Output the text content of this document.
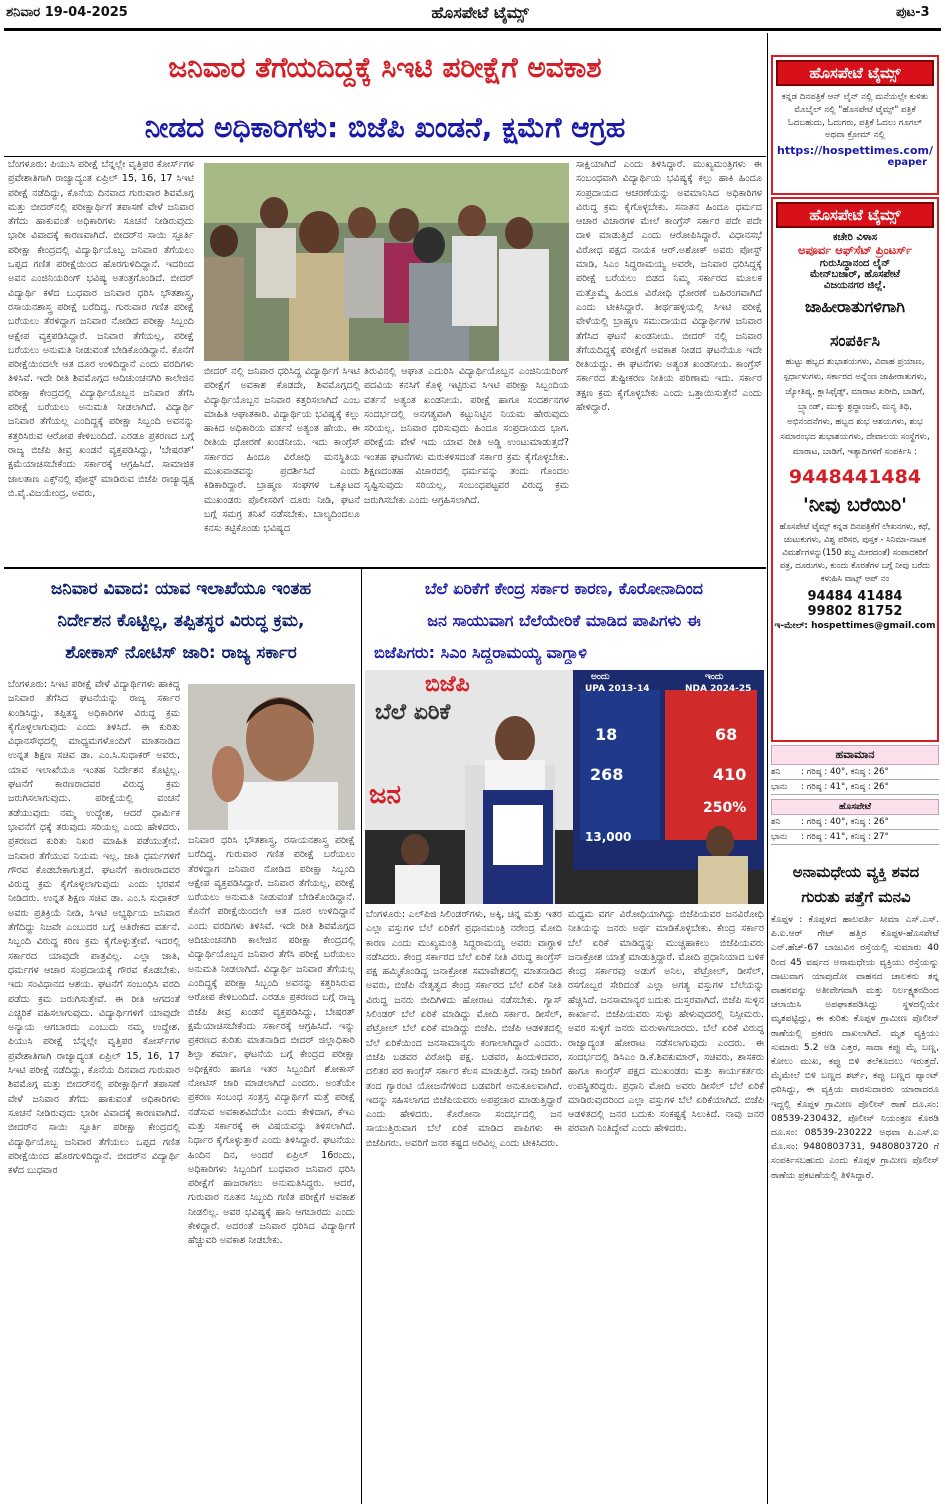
ಶನಿವಾರ 19-04-2025	ಹೊಸಪೇಟೆ ಟೈಮ್ಸ್	ಪುಟ-3
ಜನಿವಾರ ತೆಗೆಯದಿದ್ದಕ್ಕೆ ಸಿಇಟಿ ಪರೀಕ್ಷೆಗೆ ಅವಕಾಶ
ನೀಡದ ಅಧಿಕಾರಿಗಳು: ಬಿಜೆಪಿ ಖಂಡನೆ, ಕ್ಷಮೆಗೆ ಆಗ್ರಹ
ಬೆಂಗಳೂರು: ಪಿಯುಸಿ ಪರೀಕ್ಷೆ ಬೆನ್ನಲ್ಲೇ ವೃತ್ತಿಪರ ಕೋರ್ಸ್‌ಗಳ ಪ್ರವೇಶಾತಿಗಾಗಿ ರಾಜ್ಯಾದ್ಯಂತ ಏಪ್ರಿಲ್ 15, 16, 17 ಸಿಇಟಿ ಪರೀಕ್ಷೆ ನಡೆದಿದ್ದು, ಕೊನೆಯ ದಿನವಾದ ಗುರುವಾರ ಶಿವಮೊಗ್ಗ ಮತ್ತು ಬೀದರ್‌ನಲ್ಲಿ ಪರೀಕ್ಷಾರ್ಥಿಗೆ ತಪಾಸಣೆ ವೇಳೆ ಜನಿವಾರ ತೆಗೆದು ಹಾಕುವಂತೆ ಅಧಿಕಾರಿಗಳು ಸೂಚನೆ ನೀಡಿರುವುದು ಭಾರೀ ವಿವಾದಕ್ಕೆ ಕಾರಣವಾಗಿದೆ. ಬೀದರ್‌ನ ಸಾಯಿ ಸ್ಪೂರ್ತಿ ಪರೀಕ್ಷಾ ಕೇಂದ್ರದಲ್ಲಿ ವಿದ್ಯಾರ್ಥಿಯೊಬ್ಬ ಜನಿವಾರ ತೆಗೆಯಲು ಒಪ್ಪದ ಗಣಿತ ಪರೀಕ್ಷೆಯಿಂದ ಹೊರಗುಳಿದಿದ್ದಾನೆ. ಇದರಿಂದ ಅವನ ಎಂಜಿನಿಯರಿಂಗ್ ಭವಿಷ್ಯ ಅತಂತ್ರಗೊಂಡಿದೆ. ಬೀದರ್ ವಿದ್ಯಾರ್ಥಿ ಕಳೆದ ಬುಧವಾರ ಜನಿವಾರ ಧರಿಸಿ ಭೌತಶಾಸ್ತ್ರ, ರಸಾಯನಶಾಸ್ತ್ರ ಪರೀಕ್ಷೆ ಬರೆದಿದ್ದ. ಗುರುವಾರ ಗಣಿತ ಪರೀಕ್ಷೆ ಬರೆಯಲು ತೆರಳಿದ್ದಾಗ ಜನಿವಾರ ನೋಡಿದ ಪರೀಕ್ಷಾ ಸಿಬ್ಬಂದಿ ಆಕ್ಷೇಪ ವ್ಯಕ್ತಪಡಿಸಿದ್ದಾರೆ. ಜನಿವಾರ ತೆಗೆಯಲ್ಲ, ಪರೀಕ್ಷೆ ಬರೆಯಲು ಅನುಮತಿ ನೀಡುವಂತೆ ಬೇಡಿಕೊಂಡಿದ್ದಾನೆ. ಕೊನೆಗೆ ಪರೀಕ್ಷೆಯಿಂದಲೇ ಆತ ದೂರ ಉಳಿದಿದ್ದಾನೆ ಎಂದು ವರದಿಗಳು ತಿಳಿಸಿವೆ. ಇದೇ ರೀತಿ ಶಿವಮೊಗ್ಗದ ಆದಿಚುಂಚನಗಿರಿ ಕಾಲೇಜಿನ ಪರೀಕ್ಷಾ ಕೇಂದ್ರದಲ್ಲಿ ವಿದ್ಯಾರ್ಥಿಯೊಬ್ಬನ ಜನಿವಾರ ತೆಗೆಸಿ ಪರೀಕ್ಷೆ ಬರೆಯಲು ಅನುಮತಿ ನೀಡಲಾಗಿದೆ. ವಿದ್ಯಾರ್ಥಿ ಜನಿವಾರ ತೆಗೆಯಲ್ಲ ಎಂದಿದ್ದಕ್ಕೆ ಪರೀಕ್ಷಾ ಸಿಬ್ಬಂದಿ ಅವನನ್ನು ಕತ್ತರಿಸಿರುವ ಆರೋಪ ಕೇಳಿಬಂದಿದೆ. ಎರಡೂ ಪ್ರಕರಣದ ಬಗ್ಗೆ ರಾಜ್ಯ ಬಿಜೆಪಿ ತೀವ್ರ ಖಂಡನೆ ವ್ಯಕ್ತಪಡಿಸಿದ್ದು, 'ಬೇಷರತ್' ಕ್ಷಮೆಯಾಚಿಸಬೇಕೆಂದು ಸರ್ಕಾರಕ್ಕೆ ಆಗ್ರಹಿಸಿದೆ. ಸಾಮಾಜಿಕ ಜಾಲತಾಣ ಎಕ್ಸ್‌ನಲ್ಲಿ ಪೋಸ್ಟ್ ಮಾಡಿರುವ ಬಿಜೆಪಿ ರಾಜ್ಯಾಧ್ಯಕ್ಷ ಬಿ.ವೈ.ವಿಜಯೇಂದ್ರ, ಅವರು,
ಬೀದರ್ ನಲ್ಲಿ ಜನಿವಾರ ಧರಿಸಿದ್ದ ವಿದ್ಯಾರ್ಥಿಗೆ ಸಿಇಟಿ ಪರೀಕ್ಷೆಗೆ ಅವಕಾಶ ಕೊಡದೇ, ಶಿವಮೊಗ್ಗದಲ್ಲಿ ವಿದ್ಯಾರ್ಥಿಯೊಬ್ಬನ ಜನಿವಾರ ಕತ್ತರಿಸಲಾಗಿದೆ ಎಂಬ ಮಾಹಿತಿ ಆಘಾತಕಾರಿ. ವಿದ್ಯಾರ್ಥಿಯ ಭವಿಷ್ಯಕ್ಕೆ ಕಲ್ಲು ಹಾಕಿದ ಅಧಿಕಾರಿಯ ವರ್ತನೆ ಅತ್ಯಂತ ಹೇಯ. ಈ ರೀತಿಯ ಧೋರಣೆ ಖಂಡನೀಯ. ಇದು ಕಾಂಗ್ರೆಸ್ ಸರ್ಕಾರದ ಹಿಂದೂ ವಿರೋಧಿ ಮನಸ್ಥಿತಿಯ ಮುಖವಾಡವನ್ನು ಪ್ರದರ್ಶಿಸಿದೆ ಎಂದು ಕಿಡಿಕಾರಿದ್ದಾರೆ. ಬ್ರಾಹ್ಮಣ ಸಂಘಗಳ ಒಕ್ಕೂಟದ ಮುಖಂಡರು ಪೊಲೀಸರಿಗೆ ದೂರು ನೀಡಿ, ಘಟನೆ ಬಗ್ಗೆ ಸಮಗ್ರ ತನಿಖೆ ನಡೆಸಬೇಕು. ಬಾಲ್ಯದಿಂದಲೂ ಕನಸು ಕಟ್ಟಿಕೊಂಡು ಭವಿಷ್ಯದ
ತಿರುವಿನಲ್ಲಿ ಆಘಾತ ಎದುರಿಸಿ ವಿದ್ಯಾರ್ಥಿಯೊಬ್ಬನ ಎಂಜಿನಿಯರಿಂಗ್ ಪದವಿಯ ಕನಸಿಗೆ ಕೊಳ್ಳಿ ಇಟ್ಟಿರುವ ಸಿಇಟಿ ಪರೀಕ್ಷಾ ಸಿಬ್ಬಂದಿಯ ವರ್ತನೆ ಅತ್ಯಂತ ಖಂಡನೀಯ. ಪರೀಕ್ಷೆ ಹಾಗೂ ಸಂದರ್ಶನಗಳ ಸಂದರ್ಭದಲ್ಲಿ ಅನಗತ್ಯವಾಗಿ ಕಟ್ಟುನಿಟ್ಟಿನ ನಿಯಮ ಹೇರುವುದು ಸರಿಯಲ್ಲ. ಜನಿವಾರ ಧರಿಸುವುದು ಹಿಂದೂ ಸಂಪ್ರದಾಯದ ಭಾಗ. ಪರೀಕ್ಷೆಯ ವೇಳೆ ಇದು ಯಾವ ರೀತಿ ಅಡ್ಡಿ ಉಂಟುಮಾಡುತ್ತದೆ? ಇಂತಹ ಘಟನೆಗಳು ಮರುಕಳಿಸದಂತೆ ಸರ್ಕಾರ ಕ್ರಮ ಕೈಗೊಳ್ಳಬೇಕು. ಶಿಕ್ಷಣದಂತಹ ವಿಚಾರದಲ್ಲಿ ಧರ್ಮವನ್ನು ತಂದು ಗೊಂದಲ ಸೃಷ್ಟಿಸುವುದು ಸರಿಯಲ್ಲ, ಸಂಬಂಧಪಟ್ಟವರ ವಿರುದ್ಧ ಕ್ರಮ ಜರುಗಿಸಬೇಕು ಎಂದು ಆಗ್ರಹಿಸಲಾಗಿದೆ.
ಸಾಕ್ಷಿಯಾಗಿದೆ ಎಂದು ತಿಳಿಸಿದ್ದಾರೆ. ಮುಖ್ಯಮಂತ್ರಿಗಳು ಈ ಸಂಬಂಧವಾಗಿ ವಿದ್ಯಾರ್ಥಿಯ ಭವಿಷ್ಯಕ್ಕೆ ಕಲ್ಲು ಹಾಕಿ ಹಿಂದೂ ಸಂಪ್ರದಾಯದ ಆಚರಣೆಯನ್ನು ಅವಮಾನಿಸಿದ ಅಧಿಕಾರಿಗಳ ವಿರುದ್ಧ ಕ್ರಮ ಕೈಗೊಳ್ಳಬೇಕು. ಸನಾತನ ಹಿಂದೂ ಧರ್ಮದ ಆಚಾರ ವಿಚಾರಗಳ ಮೇಲೆ ಕಾಂಗ್ರೆಸ್ ಸರ್ಕಾರ ಪದೇ ಪದೇ ದಾಳಿ ಮಾಡುತ್ತಿದೆ ಎಂದು ಆರೋಪಿಸಿದ್ದಾರೆ. ವಿಧಾನಸಭೆ ವಿರೋಧ ಪಕ್ಷದ ನಾಯಕ ಆರ್.ಅಶೋಕ್ ಅವರು ಪೋಸ್ಟ್ ಮಾಡಿ, ಸಿಎಂ ಸಿದ್ದರಾಮಯ್ಯ ಅವರೇ, ಜನಿವಾರ ಧರಿಸಿದ್ದಕ್ಕೆ ಪರೀಕ್ಷೆ ಬರೆಯಲು ಬಿಡದ ನಿಮ್ಮ ಸರ್ಕಾರದ ಮೂಲಕ ಮತ್ತೊಮ್ಮೆ ಹಿಂದೂ ವಿರೋಧಿ ಧೋರಣೆ ಬಹಿರಂಗವಾಗಿದೆ ಎಂದು ಟೀಕಿಸಿದ್ದಾರೆ. ತೀರ್ಥಹಳ್ಳಿಯಲ್ಲಿ ಸಿಇಟಿ ಪರೀಕ್ಷೆ ವೇಳೆಯಲ್ಲಿ ಬ್ರಾಹ್ಮಣ ಸಮುದಾಯದ ವಿದ್ಯಾರ್ಥಿಗಳ ಜನಿವಾರ ತೆಗೆಸಿದ ಘಟನೆ ಖಂಡನೀಯ. ಬೀದರ್ ನಲ್ಲಿ ಜನಿವಾರ ತೆಗೆಯದಿದ್ದಕ್ಕೆ ಪರೀಕ್ಷೆಗೆ ಅವಕಾಶ ನೀಡದ ಘಟನೆಯೂ ಇದೇ ರೀತಿಯದ್ದು. ಈ ಘಟನೆಗಳು ಅತ್ಯಂತ ಖಂಡನೀಯ. ಕಾಂಗ್ರೆಸ್ ಸರ್ಕಾರದ ತುಷ್ಟೀಕರಣ ನೀತಿಯ ಪರಿಣಾಮ ಇದು. ಸರ್ಕಾರ ತಕ್ಷಣ ಕ್ರಮ ಕೈಗೊಳ್ಳಬೇಕು ಎಂದು ಒತ್ತಾಯಿಸುತ್ತೇನೆ ಎಂದು ಹೇಳಿದ್ದಾರೆ.
ಹೊಸಪೇಟೆ ಟೈಮ್ಸ್
ಕನ್ನಡ ದಿನಪತ್ರಿಕೆ ಆನ್ ಲೈನ್ ನಲ್ಲಿ ಮನೆಯಲ್ಲೇ ಕುಳಿತು ಮೊಬೈಲ್ ನಲ್ಲಿ "ಹೊಸಪೇಟೆ ಟೈಮ್ಸ್" ಪತ್ರಿಕೆ ಓದಬಹುದು, ಓದುಗರು, ಪತ್ರಿಕೆ ಓದಲು ಗೂಗಲ್ ಅಥವಾ ಕ್ರೋಮ್ ನಲ್ಲಿ
https://hospettimes.com/
epaper
ಹೊಸಪೇಟೆ ಟೈಮ್ಸ್
ಕಚೇರಿ ವಿಳಾಸ
ಅಪೂರ್ವ ಆಫ್‌ಸೆಟ್ ಪ್ರಿಂಟರ್ಸ್
ಗುರುಸಿದ್ಧಾನಂದ ಲೈನ್
ಮೇನ್‌ಬಜಾರ್, ಹೊಸಪೇಟೆ
ವಿಜಯನಗರ ಜಿಲ್ಲೆ.
ಜಾಹೀರಾತುಗಳಿಗಾಗಿ
ಸಂಪರ್ಕಿಸಿ
ಹುಟ್ಟು ಹಬ್ಬದ ಶುಭಾಶಯಗಳು, ವಿವಾಹ ಪ್ರಯಾಣ, ಸ್ಪರ್ಧಾಳುಗಳು, ಸರ್ಕಾರದ ಅನ್ನೆಂಣ ಜಾಹೀರಾತುಗಳು, ಜ್ಯೋತಿಷ್ಯ, ಕ್ಲಾಸಿಫೈಡ್ಸ್, ಮಾರಾಟ ಖರೀದಿ, ಬಾಡಿಗೆ, ಬ್ರ್ಯಾಂಡ್, ಮುಕ್ಕು ಶ್ರದ್ಧಾಂಜಲಿ, ಮನ್ಯ ತಿಥಿ, ಅಭಿನಂದನೆಗಳು, ಹಬ್ಬದ ಶುಭ ಆಶಯಗಳು, ಶುಭ ಸಮಾರಂಭದ ಶುಭಾಶಯಗಳು, ದೇವಾಲಯ ಸಂಸ್ಥೆಗಳು, ಮಾರಾಟ, ಬಾಡಿಗೆ, ಇತ್ಯಾದಿಗಳಿಗೆ ಸಂಪರ್ಕಿಸಿ :
9448441484
'ನೀವು ಬರೆಯಿರಿ'
ಹೊಸಪೇಟೆ ಟೈಮ್ಸ್ ಕನ್ನಡ ದಿನಪತ್ರಿಕೆಗೆ ಲೇಖನಗಳು, ಕಥೆ, ಚುಟುಕುಗಳು, ವಿಶ್ವ ಪರಿಸರ, ಪುಸ್ತಕ - ಸಿನಿಮಾ-ನಾಟಕ ವಿಮರ್ಶೆಗಳನ್ನು(150 ಶಬ್ದ ಮೀರದಂತೆ) ಸಂಪಾದಕರಿಗೆ ಪತ್ರ, ದೂರುಗಳು, ಕುಂದು ಕೊರತೆಗಳ ಬಗ್ಗೆ ನೀವು ಬರೆದು ಕಳುಹಿಸಿ ವಾಟ್ಸ್ ಆಪ್ ನಂ
94484 41484
99802 81752
ಇ-ಮೇಲ್: hospettimes@gmail.com
ಹವಾಮಾನ
ಶನಿ : ಗರಿಷ್ಠ : 40°, ಕನಿಷ್ಠ : 26°
ಭಾನು : ಗರಿಷ್ಠ : 41°, ಕನಿಷ್ಠ : 26°
ಹೊಸಪೇಟೆ
ಶನಿ : ಗರಿಷ್ಠ : 40°, ಕನಿಷ್ಠ : 26°
ಭಾನು : ಗರಿಷ್ಠ : 41°, ಕನಿಷ್ಠ : 27°
ಅನಾಮಧೇಯ ವ್ಯಕ್ತಿ ಶವದ ಗುರುತು ಪತ್ತೆಗೆ ಮನವಿ
ಕೊಪ್ಪಳ : ಕೊಪ್ಪಳದ ಹಾಲವರ್ತಿ ಸೀಮಾ ಎಸ್.ಎಸ್. ಪಿ.ಐ.ಆರ್ ಗೇಟ್ ಹತ್ತಿರ ಕೊಪ್ಪಳ-ಹೊಸಪೇಟೆ ಎನ್.ಹೆಚ್-67 ಬಾಜುವಿನ ರಸ್ತೆಯಲ್ಲಿ ಸುಮಾರು 40 ರಿಂದ 45 ವರ್ಷದ ಅನಾಮಧೇಯ ವ್ಯಕ್ತಿಯು ರಸ್ತೆಯನ್ನು ದಾಟುವಾಗ ಯಾವುದೋ ವಾಹನದ ಚಾಲಕನು ತನ್ನ ವಾಹನವನ್ನು ಅತೀವೇಗವಾಗಿ ಮತ್ತು ನಿರ್ಲಕ್ಷ್ಯತನದಿಂದ ಚಲಾಯಿಸಿ ಅಪಘಾತಪಡಿಸಿದ್ದು ಸ್ಥಳದಲ್ಲಿಯೇ ಮೃತಪಟ್ಟಿದ್ದು, ಈ ಕುರಿತು ಕೊಪ್ಪಳ ಗ್ರಾಮೀಣ ಪೊಲೀಸ್ ಠಾಣೆಯಲ್ಲಿ ಪ್ರಕರಣ ದಾಖಲಾಗಿದೆ. ಮೃತ ವ್ಯಕ್ತಿಯು ಸುಮಾರು 5.2 ಅಡಿ ಎತ್ತರ, ಸಾದಾ ಕಪ್ಪು ಮೈ ಬಣ್ಣ, ಕೋಲು ಮುಖ, ಕಪ್ಪು ಬಿಳಿ ತಲೆಕೂದಲು ಇರುತ್ತದೆ. ಮೈಮೇಲೆ ಬಿಳಿ ಬಣ್ಣದ ಶರ್ಟ್, ಕಪ್ಪು ಬಣ್ಣದ ಪ್ಯಾಂಟ್ ಧರಿಸಿದ್ದು, ಈ ವ್ಯಕ್ತಿಯ ವಾರಸುದಾರರು ಯಾರಾದರೂ ಇದ್ದಲ್ಲಿ ಕೊಪ್ಪಳ ಗ್ರಾಮೀಣ ಪೊಲೀಸ್ ಠಾಣೆ ದೂ.ಸಂ: 08539-230432, ಪೊಲೀಸ್ ನಿಯಂತ್ರಣ ಕೊಠಡಿ ದೂ.ಸಂ: 08539-230222 ಅಥವಾ ಪಿ.ಎಸ್.ಐ ಮೊ.ಸಂ: 9480803731, 9480803720 ಗೆ ಸಂಪರ್ಕಿಸಬಹುದು ಎಂದು ಕೊಪ್ಪಳ ಗ್ರಾಮೀಣ ಪೊಲೀಸ್ ಠಾಣೆಯ ಪ್ರಕಟಣೆಯಲ್ಲಿ ತಿಳಿಸಿದ್ದಾರೆ.
ಜನಿವಾರ ವಿವಾದ: ಯಾವ ಇಲಾಖೆಯೂ ಇಂತಹ
ನಿರ್ದೇಶನ ಕೊಟ್ಟಿಲ್ಲ, ತಪ್ಪಿತಸ್ಥರ ವಿರುದ್ಧ ಕ್ರಮ,
ಶೋಕಾಸ್ ನೋಟಿಸ್ ಜಾರಿ: ರಾಜ್ಯ ಸರ್ಕಾರ
ಬೆಂಗಳೂರು: ಸಿಇಟಿ ಪರೀಕ್ಷೆ ವೇಳೆ ವಿದ್ಯಾರ್ಥಿಗಳು ಹಾಕಿದ್ದ ಜನಿವಾರ ತೆಗೆಸಿದ ಘಟನೆಯನ್ನು ರಾಜ್ಯ ಸರ್ಕಾರ ಖಂಡಿಸಿದ್ದು, ತಪ್ಪಿತಸ್ಥ ಅಧಿಕಾರಿಗಳ ವಿರುದ್ಧ ಕ್ರಮ ಕೈಗೊಳ್ಳಲಾಗುವುದು ಎಂದು ತಿಳಿಸಿದೆ. ಈ ಕುರಿತು ವಿಧಾನಸೌಧದಲ್ಲಿ ಮಾಧ್ಯಮಗಳೊಂದಿಗೆ ಮಾತನಾಡಿದ ಉನ್ನತ ಶಿಕ್ಷಣ ಸಚಿವ ಡಾ. ಎಂ.ಸಿ.ಸುಧಾಕರ್ ಅವರು, ಯಾವ ಇಲಾಖೆಯೂ ಇಂತಹ ನಿರ್ದೇಶನ ಕೊಟ್ಟಿಲ್ಲ. ಘಟನೆಗೆ ಕಾರಣರಾದವರ ವಿರುದ್ಧ ಕ್ರಮ ಜರುಗಿಸಲಾಗುವುದು. ಪರೀಕ್ಷೆಯಲ್ಲಿ ವಂಚನೆ ತಡೆಯುವುದು ನಮ್ಮ ಉದ್ದೇಶ, ಆದರೆ ಧಾರ್ಮಿಕ ಭಾವನೆಗೆ ಧಕ್ಕೆ ತರುವುದು ಸರಿಯಲ್ಲ ಎಂದು ಹೇಳಿದರು. ಪ್ರಕರಣದ ಕುರಿತು ನಿಖರ ಮಾಹಿತಿ ಪಡೆಯುತ್ತೇನೆ. ಜನಿವಾರ ತೆಗೆಯುವ ನಿಯಮ ಇಲ್ಲ. ಜಾತಿ ಧರ್ಮಗಳಿಗೆ ಗೌರವ ಕೊಡಬೇಕಾಗುತ್ತದೆ. ಘಟನೆಗೆ ಕಾರಣರಾದವರ ವಿರುದ್ಧ ಕ್ರಮ ಕೈಗೊಳ್ಳಲಾಗುವುದು ಎಂದು ಭರವಸೆ ನೀಡಿದರು. ಉನ್ನತ ಶಿಕ್ಷಣ ಸಚಿವ ಡಾ. ಎಂ.ಸಿ ಸುಧಾಕರ್ ಅವರು ಪ್ರತಿಕ್ರಿಯೆ ನೀಡಿ, ಸಿಇಟಿ ಅಭ್ಯರ್ಥಿಯ ಜನಿವಾರ ತೆಗೆದಿದ್ದು ನಿಜವೇ ಎಂಬುದರ ಬಗ್ಗೆ ಅತಿರೇಕದ ವರ್ತನೆ. ಸಿಬ್ಬಂದಿ ವಿರುದ್ಧ ಕಠಿಣ ಕ್ರಮ ಕೈಗೊಳ್ಳುತ್ತೇವೆ. ಇದರಲ್ಲಿ ಸರ್ಕಾರದ ಯಾವುದೇ ಪಾತ್ರವಿಲ್ಲ. ಎಲ್ಲಾ ಜಾತಿ, ಧರ್ಮಗಳ ಆಚಾರ ಸಂಪ್ರದಾಯಕ್ಕೆ ಗೌರವ ಕೊಡಬೇಕು. ಇದು ಸಂವಿಧಾನದ ಆಶಯ. ಘಟನೆಗೆ ಸಂಬಂಧಿಸಿ ವರದಿ ಪಡೆದು ಕ್ರಮ ಜರುಗಿಸುತ್ತೇವೆ. ಈ ರೀತಿ ಆಗದಂತೆ ಎಚ್ಚರಿಕೆ ವಹಿಸಲಾಗುವುದು. ವಿದ್ಯಾರ್ಥಿಗಳಿಗೆ ಯಾವುದೇ ಅನ್ಯಾಯ ಆಗಬಾರದು ಎಂಬುದು ನಮ್ಮ ಉದ್ದೇಶ. ಪಿಯುಸಿ ಪರೀಕ್ಷೆ ಬೆನ್ನಲ್ಲೇ ವೃತ್ತಿಪರ ಕೋರ್ಸ್‌ಗಳ ಪ್ರವೇಶಾತಿಗಾಗಿ ರಾಜ್ಯಾದ್ಯಂತ ಏಪ್ರಿಲ್ 15, 16, 17 ಸಿಇಟಿ ಪರೀಕ್ಷೆ ನಡೆದಿದ್ದು, ಕೊನೆಯ ದಿನವಾದ ಗುರುವಾರ ಶಿವಮೊಗ್ಗ ಮತ್ತು ಬೀದರ್‌ನಲ್ಲಿ ಪರೀಕ್ಷಾರ್ಥಿಗೆ ತಪಾಸಣೆ ವೇಳೆ ಜನಿವಾರ ತೆಗೆದು ಹಾಕುವಂತೆ ಅಧಿಕಾರಿಗಳು ಸೂಚನೆ ನೀಡಿರುವುದು ಭಾರೀ ವಿವಾದಕ್ಕೆ ಕಾರಣವಾಗಿದೆ. ಬೀದರ್‌ನ ಸಾಯಿ ಸ್ಫೂರ್ತಿ ಪರೀಕ್ಷಾ ಕೇಂದ್ರದಲ್ಲಿ ವಿದ್ಯಾರ್ಥಿಯೊಬ್ಬ ಜನಿವಾರ ತೆಗೆಯಲು ಒಪ್ಪದ ಗಣಿತ ಪರೀಕ್ಷೆಯಿಂದ ಹೊರಗುಳಿದಿದ್ದಾನೆ. ಬೀದರ್‌ನ ವಿದ್ಯಾರ್ಥಿ ಕಳೆದ ಬುಧವಾರ
ಜನಿವಾರ ಧರಿಸಿ ಭೌತಶಾಸ್ತ್ರ, ರಸಾಯನಶಾಸ್ತ್ರ ಪರೀಕ್ಷೆ ಬರೆದಿದ್ದ. ಗುರುವಾರ ಗಣಿತ ಪರೀಕ್ಷೆ ಬರೆಯಲು ತೆರಳಿದ್ದಾಗ ಜನಿವಾರ ನೋಡಿದ ಪರೀಕ್ಷಾ ಸಿಬ್ಬಂದಿ ಆಕ್ಷೇಪ ವ್ಯಕ್ತಪಡಿಸಿದ್ದಾರೆ. ಜನಿವಾರ ತೆಗೆಯಲ್ಲ, ಪರೀಕ್ಷೆ ಬರೆಯಲು ಅನುಮತಿ ನೀಡುವಂತೆ ಬೇಡಿಕೊಂಡಿದ್ದಾನೆ. ಕೊನೆಗೆ ಪರೀಕ್ಷೆಯಿಂದಲೇ ಆತ ದೂರ ಉಳಿದಿದ್ದಾನೆ ಎಂದು ವರದಿಗಳು ತಿಳಿಸಿವೆ. ಇದೇ ರೀತಿ ಶಿವಮೊಗ್ಗದ ಆದಿಚುಂಚನಗಿರಿ ಕಾಲೇಜಿನ ಪರೀಕ್ಷಾ ಕೇಂದ್ರದಲ್ಲಿ ವಿದ್ಯಾರ್ಥಿಯೊಬ್ಬನ ಜನಿವಾರ ತೆಗೆಸಿ ಪರೀಕ್ಷೆ ಬರೆಯಲು ಅನುಮತಿ ನೀಡಲಾಗಿದೆ. ವಿದ್ಯಾರ್ಥಿ ಜನಿವಾರ ತೆಗೆಯಲ್ಲ ಎಂದಿದ್ದಕ್ಕೆ ಪರೀಕ್ಷಾ ಸಿಬ್ಬಂದಿ ಅವನನ್ನು ಕತ್ತರಿಸಿರುವ ಆರೋಪ ಕೇಳಿಬಂದಿದೆ. ಎರಡೂ ಪ್ರಕರಣದ ಬಗ್ಗೆ ರಾಜ್ಯ ಬಿಜೆಪಿ ತೀವ್ರ ಖಂಡನೆ ವ್ಯಕ್ತಪಡಿಸಿದ್ದು, ಬೇಷರತ್ ಕ್ಷಮೆಯಾಚಿಸಬೇಕೆಂದು ಸರ್ಕಾರಕ್ಕೆ ಆಗ್ರಹಿಸಿದೆ. ಇನ್ನು ಪ್ರಕರಣದ ಕುರಿತು ಮಾತನಾಡಿದ ಬೀದರ್ ಜಿಲ್ಲಾಧಿಕಾರಿ ಶಿಲ್ಪಾ ಶರ್ಮಾ, ಘಟನೆಯ ಬಗ್ಗೆ ಕೇಂದ್ರದ ಪರೀಕ್ಷಾ ಅಧೀಕ್ಷಕರು ಹಾಗೂ ಇತರ ಸಿಬ್ಬಂದಿಗೆ ಶೋಕಾಸ್ ನೋಟಿಸ್ ಜಾರಿ ಮಾಡಲಾಗಿದೆ ಎಂದರು. ಅಂತೆಯೇ ಪ್ರಕರಣ ಸಂಬಂಧ ಸಂತ್ರಸ್ತ ವಿದ್ಯಾರ್ಥಿಗೆ ಮತ್ತೆ ಪರೀಕ್ಷೆ ನಡೆಸುವ ಅವಕಾಶವಿದೆಯೇ ಎಂದು ಕೇಳಿದಾಗ, ಕೆಇಎ ಮತ್ತು ಸರ್ಕಾರಕ್ಕೆ ಈ ವಿಷಯವನ್ನು ತಿಳಿಸಲಾಗಿದೆ. ನಿರ್ಧಾರ ಕೈಗೊಳ್ಳುತ್ತಾರೆ ಎಂದು ತಿಳಿಸಿದ್ದಾರೆ. ಘಟನೆಯು ಹಿಂದಿನ ದಿನ, ಅಂದರೆ ಏಪ್ರಿಲ್ 16ರಂದು, ಅಧಿಕಾರಿಗಳು ಸಿಬ್ಬಂದಿಗೆ ಬುಧವಾರ ಜನಿವಾರ ಧರಿಸಿ ಪರೀಕ್ಷೆಗೆ ಹಾಜರಾಗಲು ಅನುಮತಿಸಿದ್ದರು. ಆದರೆ, ಗುರುವಾರ ನೂತನ ಸಿಬ್ಬಂದಿ ಗಣಿತ ಪರೀಕ್ಷೆಗೆ ಅವಕಾಶ ನೀಡಲಿಲ್ಲ. ಅವರ ಭವಿಷ್ಯಕ್ಕೆ ಹಾನಿ ಆಗಬಾರದು ಎಂದು ಕೇಳಿದ್ದಾರೆ. ಅದರಂತೆ ಜನಿವಾರ ಧರಿಸಿದ ವಿದ್ಯಾರ್ಥಿಗೆ ಹೆಚ್ಚುವರಿ ಅವಕಾಶ ನೀಡಬೇಕು.
ಬೆಲೆ ಏರಿಕೆಗೆ ಕೇಂದ್ರ ಸರ್ಕಾರ ಕಾರಣ, ಕೊರೋನಾದಿಂದ
ಜನ ಸಾಯುವಾಗ ಬೆಲೆಯೇರಿಕೆ ಮಾಡಿದ ಪಾಪಿಗಳು ಈ
ಬಿಜೆಪಿಗರು: ಸಿಎಂ ಸಿದ್ದರಾಮಯ್ಯ ವಾಗ್ದಾಳಿ
ಬಿಜೆಪಿ
ಬೆಲೆ ಏರಿಕೆ
ಜನ
ಅಂದು
UPA 2013-14
ಇಂದು
NDA 2024-25
18	68
268	410
250%
13,000
ಬೆಂಗಳೂರು: ಎಲ್‌ಪಿಜಿ ಸಿಲಿಂಡರ್‌ಗಳು, ಅಕ್ಕಿ, ಚಿನ್ನ ಮತ್ತು ಇತರ ಎಲ್ಲಾ ವಸ್ತುಗಳ ಬೆಲೆ ಏರಿಕೆಗೆ ಪ್ರಧಾನಮಂತ್ರಿ ನರೇಂದ್ರ ಮೋದಿ ಕಾರಣ ಎಂದು ಮುಖ್ಯಮಂತ್ರಿ ಸಿದ್ದರಾಮಯ್ಯ ಅವರು ವಾಗ್ದಾಳಿ ನಡೆಸಿದರು. ಕೇಂದ್ರ ಸರ್ಕಾರದ ಬೆಲೆ ಏರಿಕೆ ನೀತಿ ವಿರುದ್ಧ ಕಾಂಗ್ರೆಸ್ ಪಕ್ಷ ಹಮ್ಮಿಕೊಂಡಿದ್ದ ಜನಾಕ್ರೋಶ ಸಮಾವೇಶದಲ್ಲಿ ಮಾತನಾಡಿದ ಅವರು, ಬಿಜೆಪಿ ನೇತೃತ್ವದ ಕೇಂದ್ರ ಸರ್ಕಾರದ ಬೆಲೆ ಏರಿಕೆ ನೀತಿ ವಿರುದ್ಧ ಜನರು ಬೀದಿಗಿಳಿದು ಹೋರಾಟ ನಡೆಸಬೇಕು. ಗ್ಯಾಸ್ ಸಿಲಿಂಡರ್ ಬೆಲೆ ಏರಿಕೆ ಮಾಡಿದ್ದು ಮೋದಿ ಸರ್ಕಾರ. ಡೀಸೆಲ್, ಪೆಟ್ರೋಲ್ ಬೆಲೆ ಏರಿಕೆ ಮಾಡಿದ್ದು ಬಿಜೆಪಿ. ಬಿಜೆಪಿ ಆಡಳಿತದಲ್ಲಿ ಬೆಲೆ ಏರಿಕೆಯಿಂದ ಜನಸಾಮಾನ್ಯರು ಕಂಗಾಲಾಗಿದ್ದಾರೆ ಎಂದರು. ಬಿಜೆಪಿ ಬಡವರ ವಿರೋಧಿ ಪಕ್ಷ. ಬಡವರ, ಹಿಂದುಳಿದವರ, ದಲಿತರ ಪರ ಕಾಂಗ್ರೆಸ್ ಸರ್ಕಾರ ಕೆಲಸ ಮಾಡುತ್ತಿದೆ. ನಾವು ಜಾರಿಗೆ ತಂದ ಗ್ಯಾರಂಟಿ ಯೋಜನೆಗಳಿಂದ ಬಡವರಿಗೆ ಅನುಕೂಲವಾಗಿದೆ. ಇದನ್ನು ಸಹಿಸಲಾಗದ ಬಿಜೆಪಿಯವರು ಅಪಪ್ರಚಾರ ಮಾಡುತ್ತಿದ್ದಾರೆ ಎಂದು ಹೇಳಿದರು. ಕೊರೋನಾ ಸಂದರ್ಭದಲ್ಲಿ ಜನ ಸಾಯುತ್ತಿರುವಾಗ ಬೆಲೆ ಏರಿಕೆ ಮಾಡಿದ ಪಾಪಿಗಳು ಈ ಬಿಜೆಪಿಗರು. ಅವರಿಗೆ ಜನರ ಕಷ್ಟದ ಅರಿವಿಲ್ಲ ಎಂದು ಟೀಕಿಸಿದರು.
ಮಧ್ಯಮ ವರ್ಗ ವಿರೋಧಿಯಾಗಿದ್ದು ಬಿಜೆಪಿಯವರ ಜನವಿರೋಧಿ ನೀತಿಯನ್ನು ಜನರು ಅರ್ಥ ಮಾಡಿಕೊಳ್ಳಬೇಕು. ಕೇಂದ್ರ ಸರ್ಕಾರ ಬೆಲೆ ಏರಿಕೆ ಮಾಡಿದ್ದನ್ನು ಮುಚ್ಚಿಹಾಕಲು ಬಿಜೆಪಿಯವರು ಜನಾಕ್ರೋಶ ಯಾತ್ರೆ ಮಾಡುತ್ತಿದ್ದಾರೆ. ಮೋದಿ ಪ್ರಧಾನಿಯಾದ ಬಳಿಕ ಕೇಂದ್ರ ಸರ್ಕಾರವು ಅಡುಗೆ ಅನಿಲ, ಪೆಟ್ರೋಲ್, ಡೀಸೆಲ್, ರಸಗೊಬ್ಬರ ಸೇರಿದಂತೆ ಎಲ್ಲಾ ಅಗತ್ಯ ವಸ್ತುಗಳ ಬೆಲೆಯನ್ನು ಹೆಚ್ಚಿಸಿದೆ. ಜನಸಾಮಾನ್ಯರ ಬದುಕು ದುಸ್ತರವಾಗಿದೆ. ಬಿಜೆಪಿ ಸುಳ್ಳಿನ ಕಾರ್ಖಾನೆ. ಬಿಜೆಪಿಯವರು ಸುಳ್ಳು ಹೇಳುವುದರಲ್ಲಿ ನಿಸ್ಸೀಮರು. ಅವರ ಸುಳ್ಳಿಗೆ ಜನರು ಮರುಳಾಗಬಾರದು. ಬೆಲೆ ಏರಿಕೆ ವಿರುದ್ಧ ರಾಜ್ಯಾದ್ಯಂತ ಹೋರಾಟ ನಡೆಸಲಾಗುವುದು ಎಂದರು. ಈ ಸಂದರ್ಭದಲ್ಲಿ ಡಿಸಿಎಂ ಡಿ.ಕೆ.ಶಿವಕುಮಾರ್, ಸಚಿವರು, ಶಾಸಕರು ಹಾಗೂ ಕಾಂಗ್ರೆಸ್ ಪಕ್ಷದ ಮುಖಂಡರು ಮತ್ತು ಕಾರ್ಯಕರ್ತರು ಉಪಸ್ಥಿತರಿದ್ದರು. ಪ್ರಧಾನಿ ಮೋದಿ ಅವರು ಡೀಸೆಲ್ ಬೆಲೆ ಏರಿಕೆ ಮಾಡಿರುವುದರಿಂದ ಎಲ್ಲಾ ವಸ್ತುಗಳ ಬೆಲೆ ಏರಿಕೆಯಾಗಿದೆ. ಬಿಜೆಪಿ ಆಡಳಿತದಲ್ಲಿ ಜನರ ಬದುಕು ಸಂಕಷ್ಟಕ್ಕೆ ಸಿಲುಕಿದೆ. ನಾವು ಜನರ ಪರವಾಗಿ ನಿಂತಿದ್ದೇವೆ ಎಂದು ಹೇಳಿದರು.
